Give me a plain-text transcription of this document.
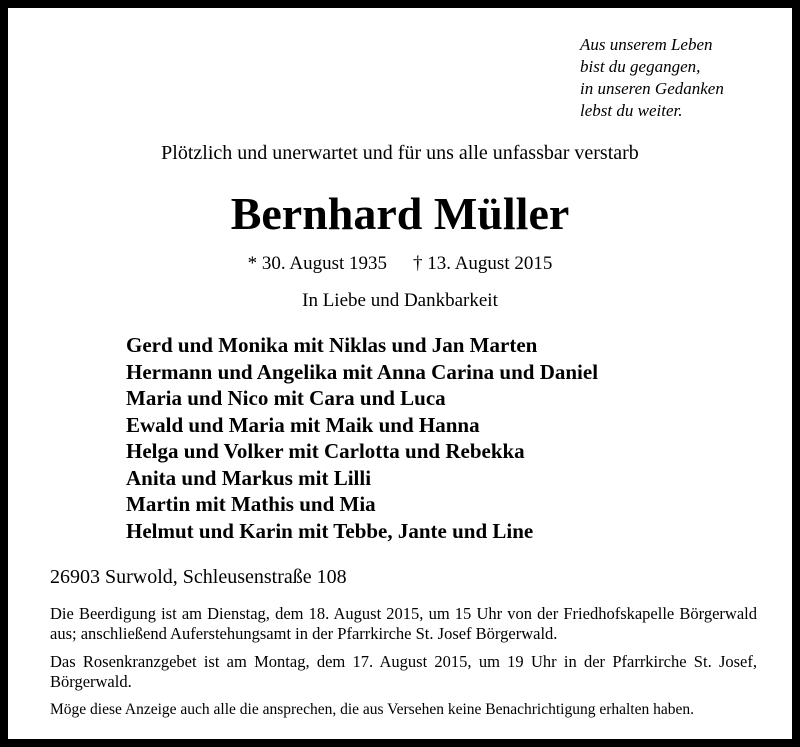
Aus unserem Leben
bist du gegangen,
in unseren Gedanken
lebst du weiter.
Plötzlich und unerwartet und für uns alle unfassbar verstarb
Bernhard Müller
* 30. August 1935 † 13. August 2015
In Liebe und Dankbarkeit
Gerd und Monika mit Niklas und Jan Marten
Hermann und Angelika mit Anna Carina und Daniel
Maria und Nico mit Cara und Luca
Ewald und Maria mit Maik und Hanna
Helga und Volker mit Carlotta und Rebekka
Anita und Markus mit Lilli
Martin mit Mathis und Mia
Helmut und Karin mit Tebbe, Jante und Line
26903 Surwold, Schleusenstraße 108
Die Beerdigung ist am Dienstag, dem 18. August 2015, um 15 Uhr von der Friedhofskapelle Börgerwald aus; anschließend Auferstehungsamt in der Pfarrkirche St. Josef Börgerwald.
Das Rosenkranzgebet ist am Montag, dem 17. August 2015, um 19 Uhr in der Pfarrkirche St. Josef, Börgerwald.
Möge diese Anzeige auch alle die ansprechen, die aus Versehen keine Benachrichtigung erhalten haben.
